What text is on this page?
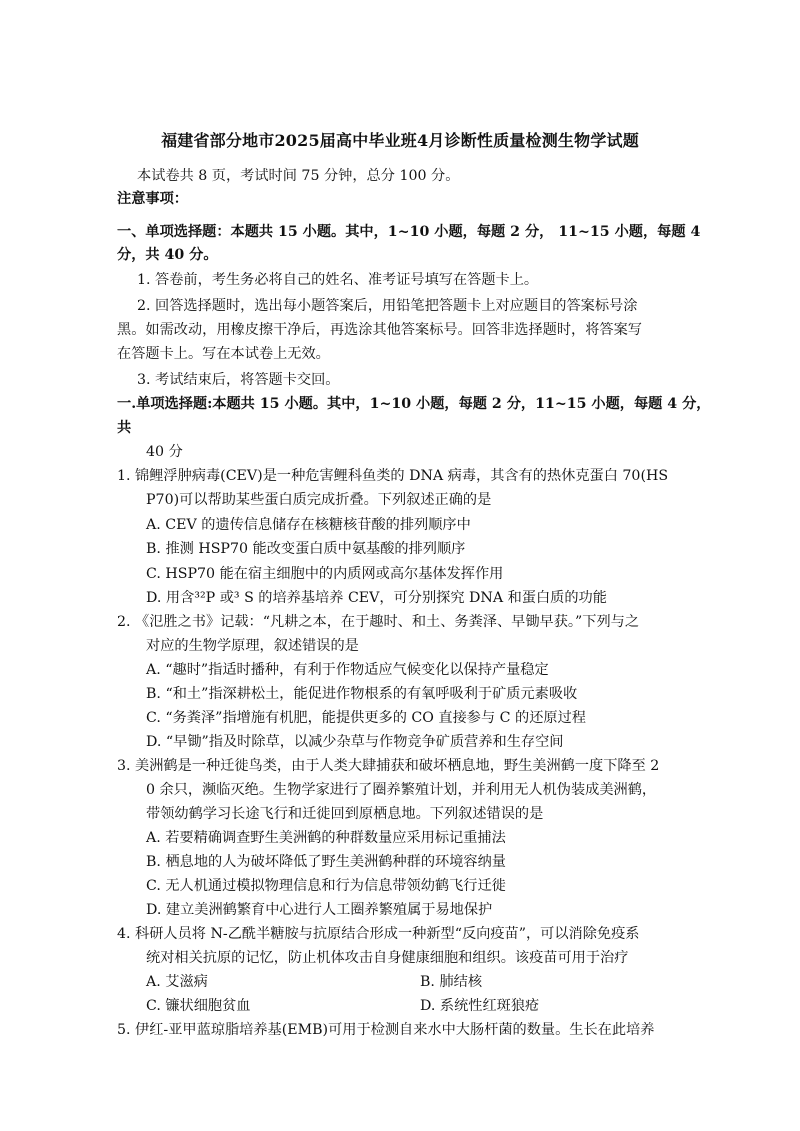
福建省部分地市2025届高中毕业班4月诊断性质量检测生物学试题
本试卷共 8 页，考试时间 75 分钟，总分 100 分。
注意事项：
一、单项选择题：本题共 15 小题。其中，1~10 小题，每题 2 分， 11~15 小题，每题 4
分，共 40 分。
1. 答卷前，考生务必将自己的姓名、准考证号填写在答题卡上。
2. 回答选择题时，选出每小题答案后，用铅笔把答题卡上对应题目的答案标号涂
黑。如需改动，用橡皮擦干净后，再选涂其他答案标号。回答非选择题时，将答案写
在答题卡上。写在本试卷上无效。
3. 考试结束后，将答题卡交回。
一.单项选择题:本题共 15 小题。其中，1~10 小题，每题 2 分，11~15 小题，每题 4 分，
共
40 分
1. 锦鲤浮肿病毒(CEV)是一种危害鲤科鱼类的 DNA 病毒，其含有的热休克蛋白 70(HS
P70)可以帮助某些蛋白质完成折叠。下列叙述正确的是
A. CEV 的遗传信息储存在核糖核苷酸的排列顺序中
B. 推测 HSP70 能改变蛋白质中氨基酸的排列顺序
C. HSP70 能在宿主细胞中的内质网或高尔基体发挥作用
D. 用含³²P 或³ S 的培养基培养 CEV，可分别探究 DNA 和蛋白质的功能
2. 《氾胜之书》记载：“凡耕之本，在于趣时、和土、务粪泽、早锄早获。”下列与之
对应的生物学原理，叙述错误的是
A. “趣时”指适时播种，有利于作物适应气候变化以保持产量稳定
B. “和土”指深耕松土，能促进作物根系的有氧呼吸利于矿质元素吸收
C. “务粪泽”指增施有机肥，能提供更多的 CO 直接参与 C 的还原过程
D. “早锄”指及时除草，以减少杂草与作物竞争矿质营养和生存空间
3. 美洲鹤是一种迁徙鸟类，由于人类大肆捕获和破坏栖息地，野生美洲鹤一度下降至 2
0 余只，濒临灭绝。生物学家进行了圈养繁殖计划，并利用无人机伪装成美洲鹤，
带领幼鹤学习长途飞行和迁徙回到原栖息地。下列叙述错误的是
A. 若要精确调查野生美洲鹤的种群数量应采用标记重捕法
B. 栖息地的人为破坏降低了野生美洲鹤种群的环境容纳量
C. 无人机通过模拟物理信息和行为信息带领幼鹤飞行迁徙
D. 建立美洲鹤繁育中心进行人工圈养繁殖属于易地保护
4. 科研人员将 N-乙酰半糖胺与抗原结合形成一种新型“反向疫苗”，可以消除免疫系
统对相关抗原的记忆，防止机体攻击自身健康细胞和组织。该疫苗可用于治疗
A. 艾滋病	B. 肺结核
C. 镰状细胞贫血	D. 系统性红斑狼疮
5. 伊红-亚甲蓝琼脂培养基(EMB)可用于检测自来水中大肠杆菌的数量。生长在此培养
